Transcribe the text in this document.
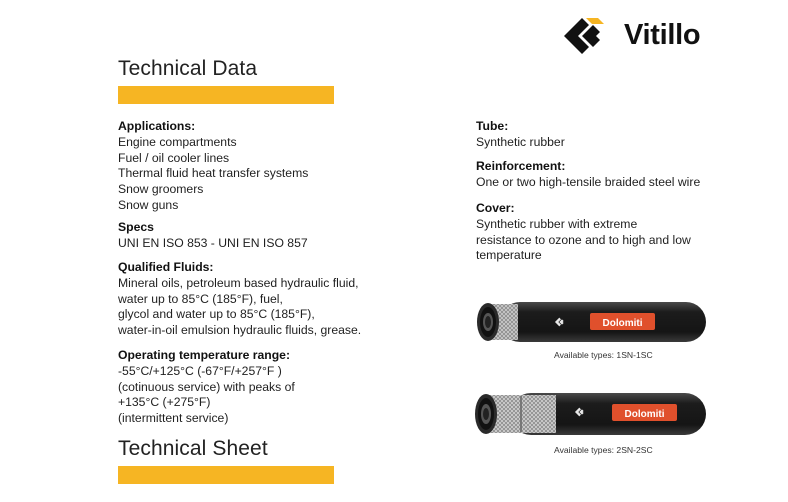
Vitillo
Technical Data
Applications:
Engine compartments
Fuel / oil cooler lines
Thermal fluid heat transfer systems
Snow groomers
Snow guns
Specs
UNI EN ISO 853 - UNI EN ISO 857
Qualified Fluids:
Mineral oils, petroleum based hydraulic fluid,
water up to 85°C (185°F), fuel,
glycol and water up to 85°C (185°F),
water-in-oil emulsion hydraulic fluids, grease.
Operating temperature range:
-55°C/+125°C (-67°F/+257°F )
(cotinuous service) with peaks of
+135°C (+275°F)
(intermittent service)
Technical Sheet
Tube:
Synthetic rubber
Reinforcement:
One or two high-tensile braided steel wire
Cover:
Synthetic rubber with extreme
resistance to ozone and to high and low
temperature
Dolomiti
Available types: 1SN-1SC
Dolomiti
Available types: 2SN-2SC
